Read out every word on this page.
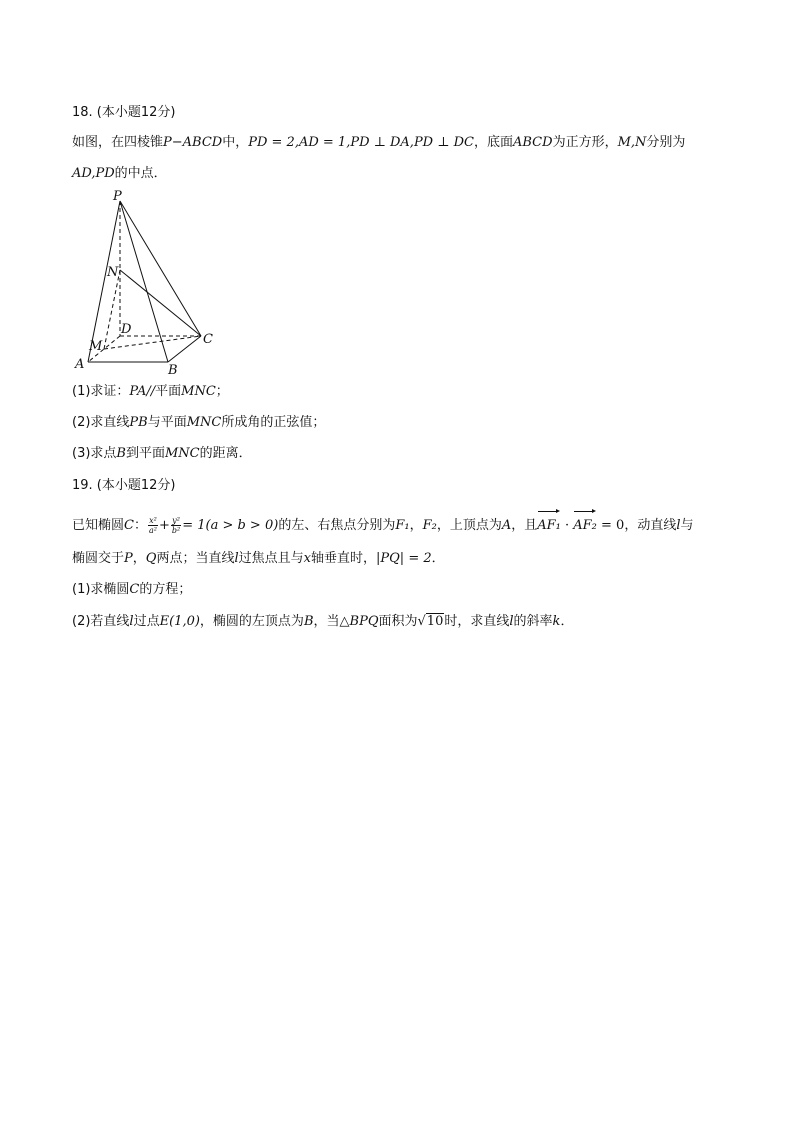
18. (本小题12分)
如图，在四棱锥P−ABCD中，PD = 2,AD = 1,PD ⊥ DA,PD ⊥ DC，底面ABCD为正方形，M,N分别为
AD,PD的中点．
P
N
D
C
M
A	B
(1)求证：PA//平面MNC；
(2)求直线PB与平面MNC所成角的正弦值；
(3)求点B到平面MNC的距离．
19. (本小题12分)
已知椭圆C： $\frac{\text{x²}}{\text{a²}} + \frac{\text{y²}}{\text{b²}} = 1(a > b > 0)$的左、右焦点分别为F₁，F₂，上顶点为A，且AF₁ · AF₂ = 0，动直线l与
椭圆交于P，Q两点；当直线l过焦点且与x轴垂直时，|PQ| = 2．
(1)求椭圆C的方程；
(2)若直线l过点E(1,0)，椭圆的左顶点为B，当△BPQ面积为√10时，求直线l的斜率k．
